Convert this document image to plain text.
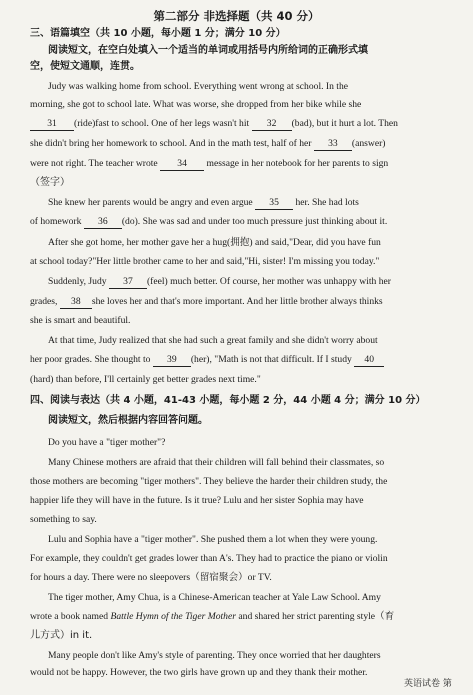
第二部分 非选择题（共 40 分）
三、语篇填空（共 10 小题，每小题 1 分；满分 10 分）
阅读短文，在空白处填入一个适当的单词或用括号内所给词的正确形式填
空，使短文通顺，连贯。
Judy was walking home from school. Everything went wrong at school. In the
morning, she got to school late. What was worse, she dropped from her bike while she
31 (ride)fast to school. One of her legs wasn't hit 32 (bad), but it hurt a lot. Then
she didn't bring her homework to school. And in the math test, half of her 33 (answer)
were not right. The teacher wrote 34 message in her notebook for her parents to sign
（签字）
She knew her parents would be angry and even argue 35 her. She had lots
of homework 36 (do). She was sad and under too much pressure just thinking about it.
After she got home, her mother gave her a hug(拥抱) and said,"Dear, did you have fun
at school today?"Her little brother came to her and said,"Hi, sister! I'm missing you today."
Suddenly, Judy 37 (feel) much better. Of course, her mother was unhappy with her
grades, 38 she loves her and that's more important. And her little brother always thinks
she is smart and beautiful.
At that time, Judy realized that she had such a great family and she didn't worry about
her poor grades. She thought to 39 (her), "Math is not that difficult. If I study 40
(hard) than before, I'll certainly get better grades next time."
四、阅读与表达（共 4 小题，41-43 小题，每小题 2 分，44 小题 4 分；满分 10 分）
阅读短文，然后根据内容回答问题。
Do you have a "tiger mother"?
Many Chinese mothers are afraid that their children will fall behind their classmates, so
those mothers are becoming "tiger mothers". They believe the harder their children study, the
happier life they will have in the future. Is it true? Lulu and her sister Sophia may have
something to say.
Lulu and Sophia have a "tiger mother". She pushed them a lot when they were young.
For example, they couldn't get grades lower than A's. They had to practice the piano or violin
for hours a day. There were no sleepovers（留宿聚会）or TV.
The tiger mother, Amy Chua, is a Chinese-American teacher at Yale Law School. Amy
wrote a book named Battle Hymn of the Tiger Mother and shared her strict parenting style（育
儿方式）in it.
Many people don't like Amy's style of parenting. They once worried that her daughters
would not be happy. However, the two girls have grown up and they thank their mother.
英语试卷 第
